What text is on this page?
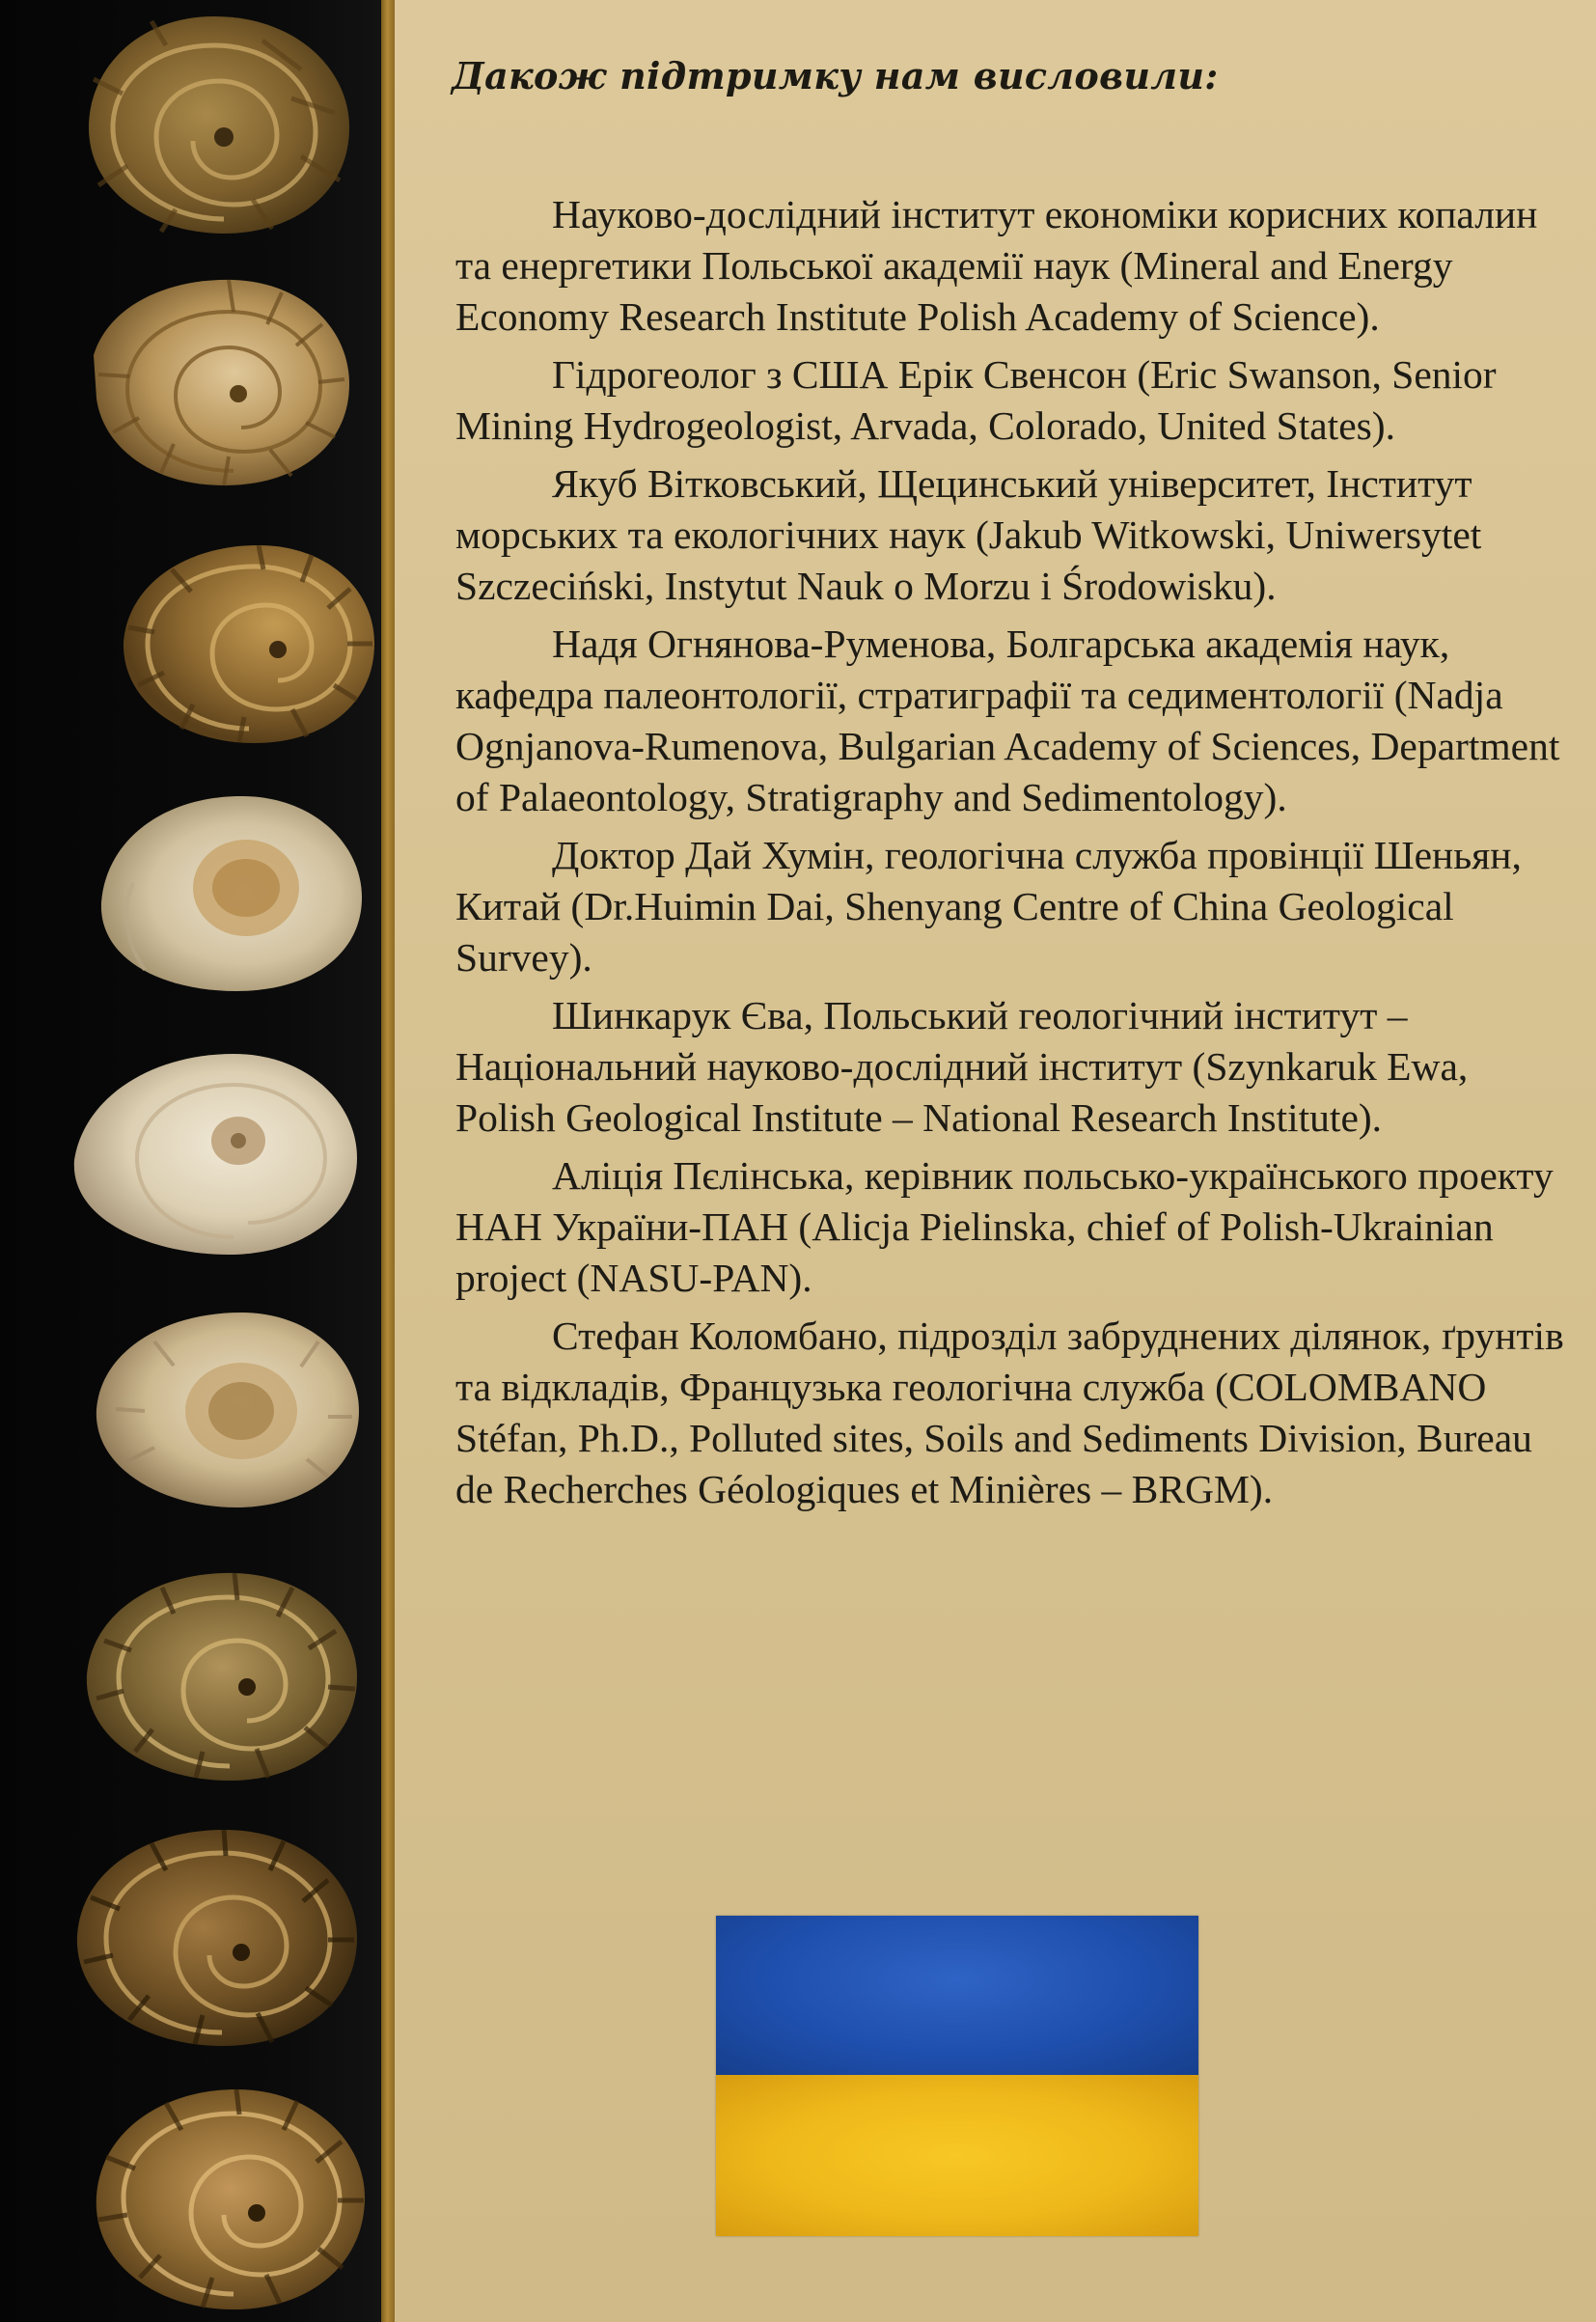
Дакож підтримку нам висловили:

Науково-дослідний інститут економіки корисних копалин та енергетики Польської академії наук (Mineral and Energy Economy Research Institute Polish Academy of Science).

Гідрогеолог з США Ерік Свенсон (Eric Swanson, Senior Mining Hydrogeologist, Arvada, Colorado, United States).

Якуб Вітковський, Щецинський університет, Інститут морських та екологічних наук (Jakub Witkowski, Uniwersytet Szczeciński, Instytut Nauk o Morzu i Środowisku).

Надя Огнянова-Руменова, Болгарська академія наук, кафедра палеонтології, стратиграфії та седиментології (Nadja Ognjanova-Rumenova, Bulgarian Academy of Sciences, Department of Palaeontology, Stratigraphy and Sedimentology).

Доктор Дай Хумін, геологічна служба провінції Шеньян, Китай (Dr.Huimin Dai, Shenyang Centre of China Geological Survey).

Шинкарук Єва, Польський геологічний інститут – Національний науково-дослідний інститут (Szynkaruk Ewa, Polish Geological Institute – National Research Institute).

Аліція Пєлінська, керівник польсько-українського проекту НАН України-ПАН (Alicja Pielinska, chief of Polish-Ukrainian project (NASU-PAN).

Стефан Коломбано, підрозділ забруднених ділянок, ґрунтів та відкладів, Французька геологічна служба (COLOMBANO Stéfan, Ph.D., Polluted sites, Soils and Sediments Division, Bureau de Recherches Géologiques et Minières – BRGM).
